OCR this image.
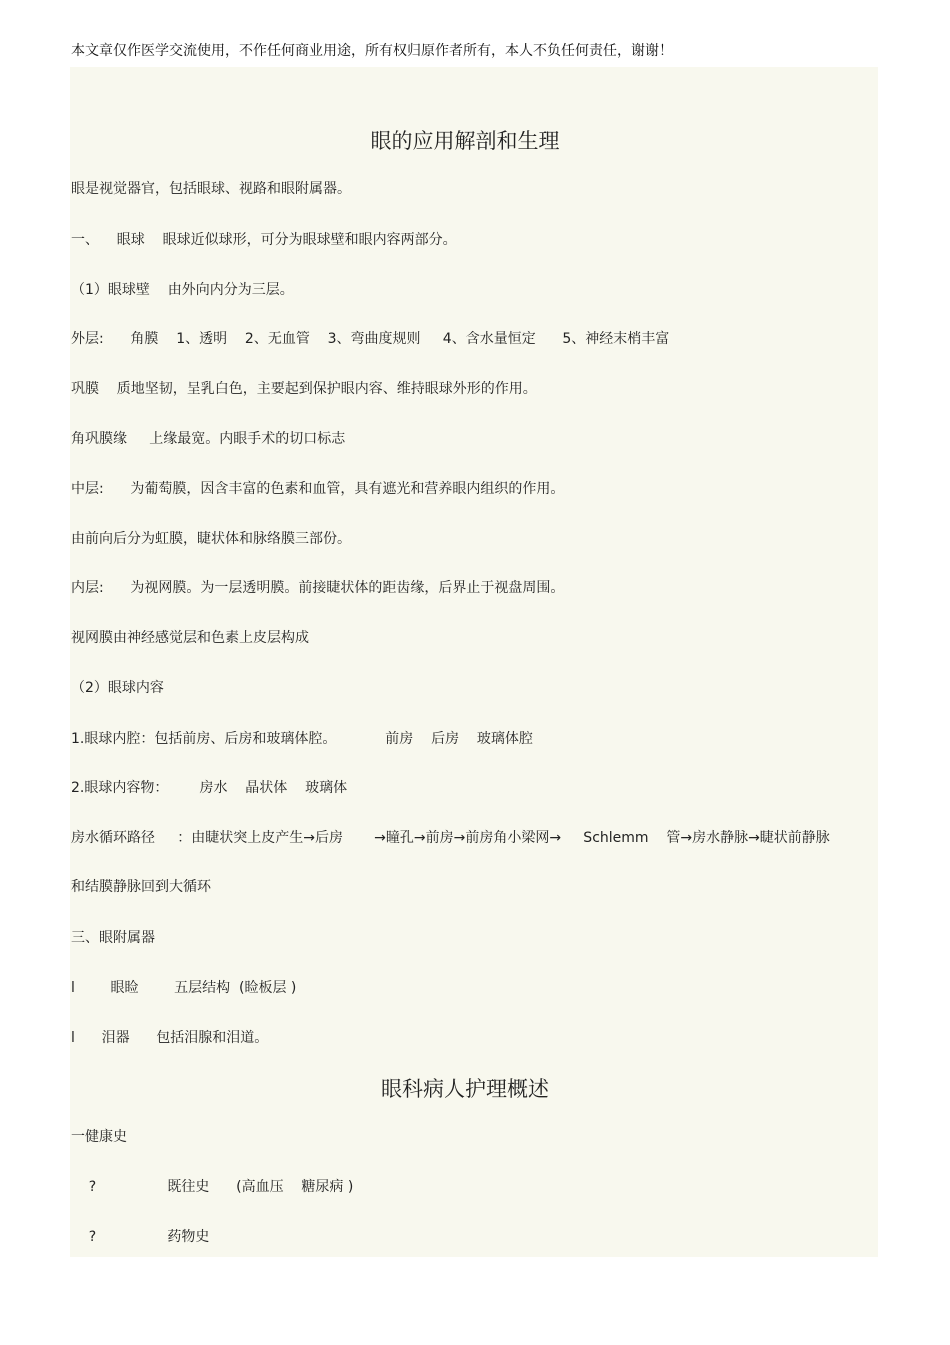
本文章仅作医学交流使用，不作任何商业用途，所有权归原作者所有，本人不负任何责任，谢谢！
眼的应用解剖和生理
眼是视觉器官，包括眼球、视路和眼附属器。
一、    眼球    眼球近似球形，可分为眼球壁和眼内容两部分。
（1）眼球壁    由外向内分为三层。
外层:      角膜    1、透明    2、无血管    3、弯曲度规则     4、含水量恒定      5、神经末梢丰富
巩膜    质地坚韧，呈乳白色，主要起到保护眼内容、维持眼球外形的作用。
角巩膜缘     上缘最宽。内眼手术的切口标志
中层:      为葡萄膜，因含丰富的色素和血管，具有遮光和营养眼内组织的作用。
由前向后分为虹膜，睫状体和脉络膜三部份。
内层:      为视网膜。为一层透明膜。前接睫状体的距齿缘，后界止于视盘周围。
视网膜由神经感觉层和色素上皮层构成
（2）眼球内容
1.眼球内腔：包括前房、后房和玻璃体腔。           前房    后房    玻璃体腔
2.眼球内容物：       房水    晶状体    玻璃体
房水循环路径     ：由睫状突上皮产生→后房       →瞳孔→前房→前房角小梁网→     Schlemm    管→房水静脉→睫状前静脉
和结膜静脉回到大循环
三、眼附属器
l        眼睑        五层结构  (睑板层 )
l      泪器      包括泪腺和泪道。
眼科病人护理概述
一健康史
?                既往史      (高血压    糖尿病 )
?                药物史
